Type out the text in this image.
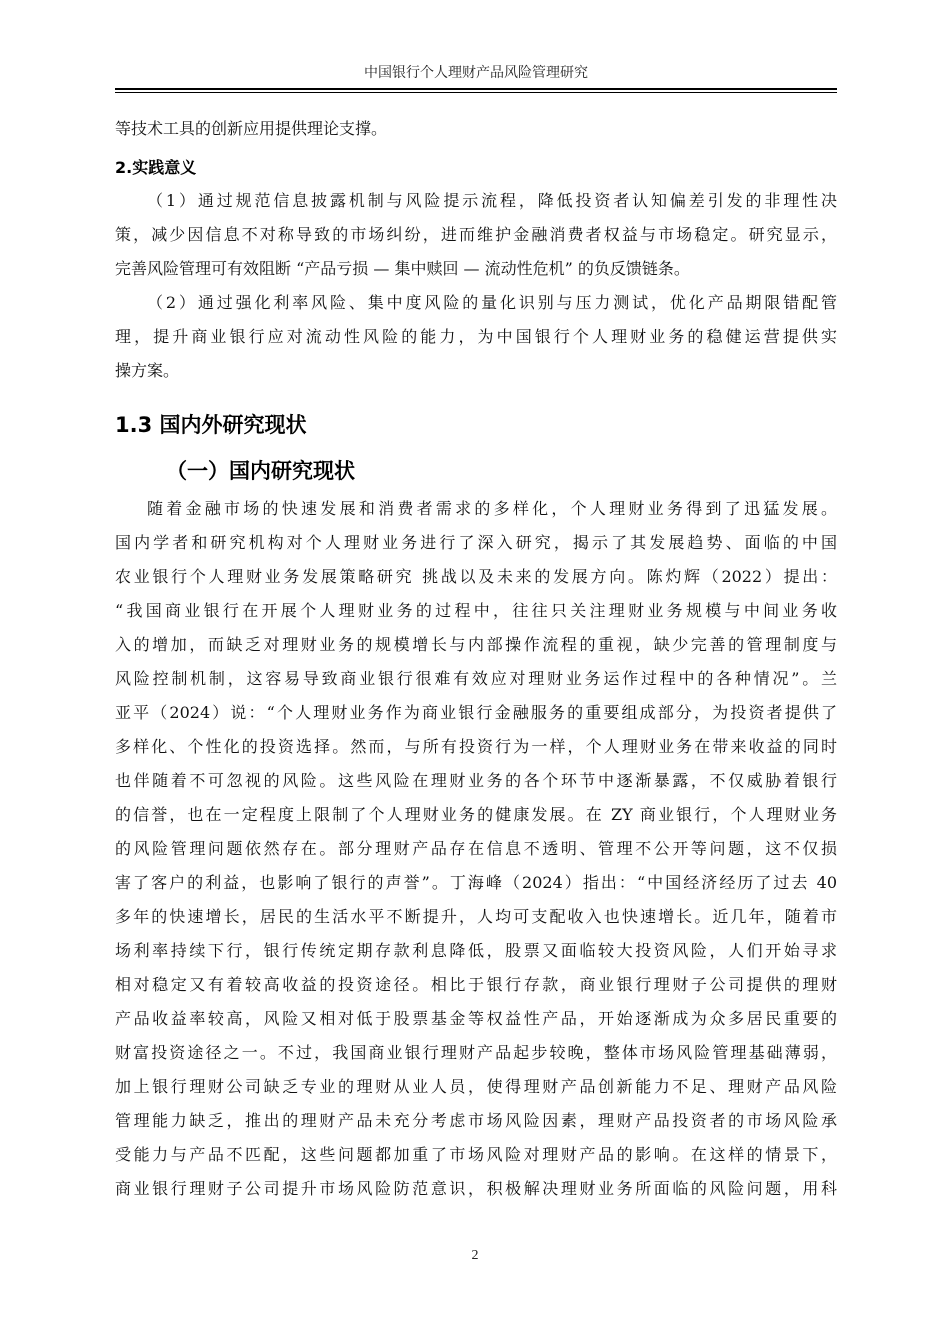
中国银行个人理财产品风险管理研究
等技术工具的创新应用提供理论支撑。
2.实践意义
（1）通过规范信息披露机制与风险提示流程，降低投资者认知偏差引发的非理性决
策，减少因信息不对称导致的市场纠纷，进而维护金融消费者权益与市场稳定。研究显示，
完善风险管理可有效阻断 “产品亏损 — 集中赎回 — 流动性危机” 的负反馈链条。
（2）通过强化利率风险、集中度风险的量化识别与压力测试，优化产品期限错配管
理，提升商业银行应对流动性风险的能力，为中国银行个人理财业务的稳健运营提供实
操方案。
1.3 国内外研究现状
（一）国内研究现状
随着金融市场的快速发展和消费者需求的多样化，个人理财业务得到了迅猛发展。
国内学者和研究机构对个人理财业务进行了深入研究，揭示了其发展趋势、面临的中国
农业银行个人理财业务发展策略研究 挑战以及未来的发展方向。陈灼辉（2022）提出：
“我国商业银行在开展个人理财业务的过程中，往往只关注理财业务规模与中间业务收
入的增加，而缺乏对理财业务的规模增长与内部操作流程的重视，缺少完善的管理制度与
风险控制机制，这容易导致商业银行很难有效应对理财业务运作过程中的各种情况”。兰
亚平（2024）说：“个人理财业务作为商业银行金融服务的重要组成部分，为投资者提供了
多样化、个性化的投资选择。然而，与所有投资行为一样，个人理财业务在带来收益的同时
也伴随着不可忽视的风险。这些风险在理财业务的各个环节中逐渐暴露，不仅威胁着银行
的信誉，也在一定程度上限制了个人理财业务的健康发展。在 ZY 商业银行，个人理财业务
的风险管理问题依然存在。部分理财产品存在信息不透明、管理不公开等问题，这不仅损
害了客户的利益，也影响了银行的声誉”。丁海峰（2024）指出：“中国经济经历了过去 40
多年的快速增长，居民的生活水平不断提升，人均可支配收入也快速增长。近几年，随着市
场利率持续下行，银行传统定期存款利息降低，股票又面临较大投资风险，人们开始寻求
相对稳定又有着较高收益的投资途径。相比于银行存款，商业银行理财子公司提供的理财
产品收益率较高，风险又相对低于股票基金等权益性产品，开始逐渐成为众多居民重要的
财富投资途径之一。不过，我国商业银行理财产品起步较晚，整体市场风险管理基础薄弱，
加上银行理财公司缺乏专业的理财从业人员，使得理财产品创新能力不足、理财产品风险
管理能力缺乏，推出的理财产品未充分考虑市场风险因素，理财产品投资者的市场风险承
受能力与产品不匹配，这些问题都加重了市场风险对理财产品的影响。在这样的情景下，
商业银行理财子公司提升市场风险防范意识，积极解决理财业务所面临的风险问题，用科
2
